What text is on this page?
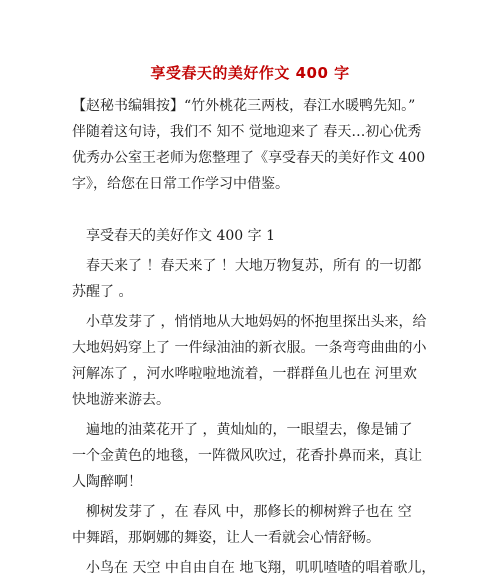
享受春天的美好作文 400 字
【赵秘书编辑按】“竹外桃花三两枝，春江水暖鸭先知。”
伴随着这句诗，我们不 知不 觉地迎来了 春天…初心优秀
优秀办公室王老师为您整理了《享受春天的美好作文 400
字》，给您在日常工作学习中借鉴。
享受春天的美好作文 400 字 1
春天来了 ！春天来了 ！大地万物复苏，所有 的一切都
苏醒了 。
小草发芽了 ，悄悄地从大地妈妈的怀抱里探出头来，给
大地妈妈穿上了 一件绿油油的新衣服。一条弯弯曲曲的小
河解冻了 ，河水哗啦啦地流着，一群群鱼儿也在 河里欢
快地游来游去。
遍地的油菜花开了 ，黄灿灿的，一眼望去，像是铺了
一个金黄色的地毯，一阵微风吹过，花香扑鼻而来，真让
人陶醉啊！
柳树发芽了 ，在 春风 中，那修长的柳树辫子也在 空
中舞蹈，那婀娜的舞姿，让人一看就会心情舒畅。
小鸟在 天空 中自由自在 地飞翔，叽叽喳喳的唱着歌儿，
